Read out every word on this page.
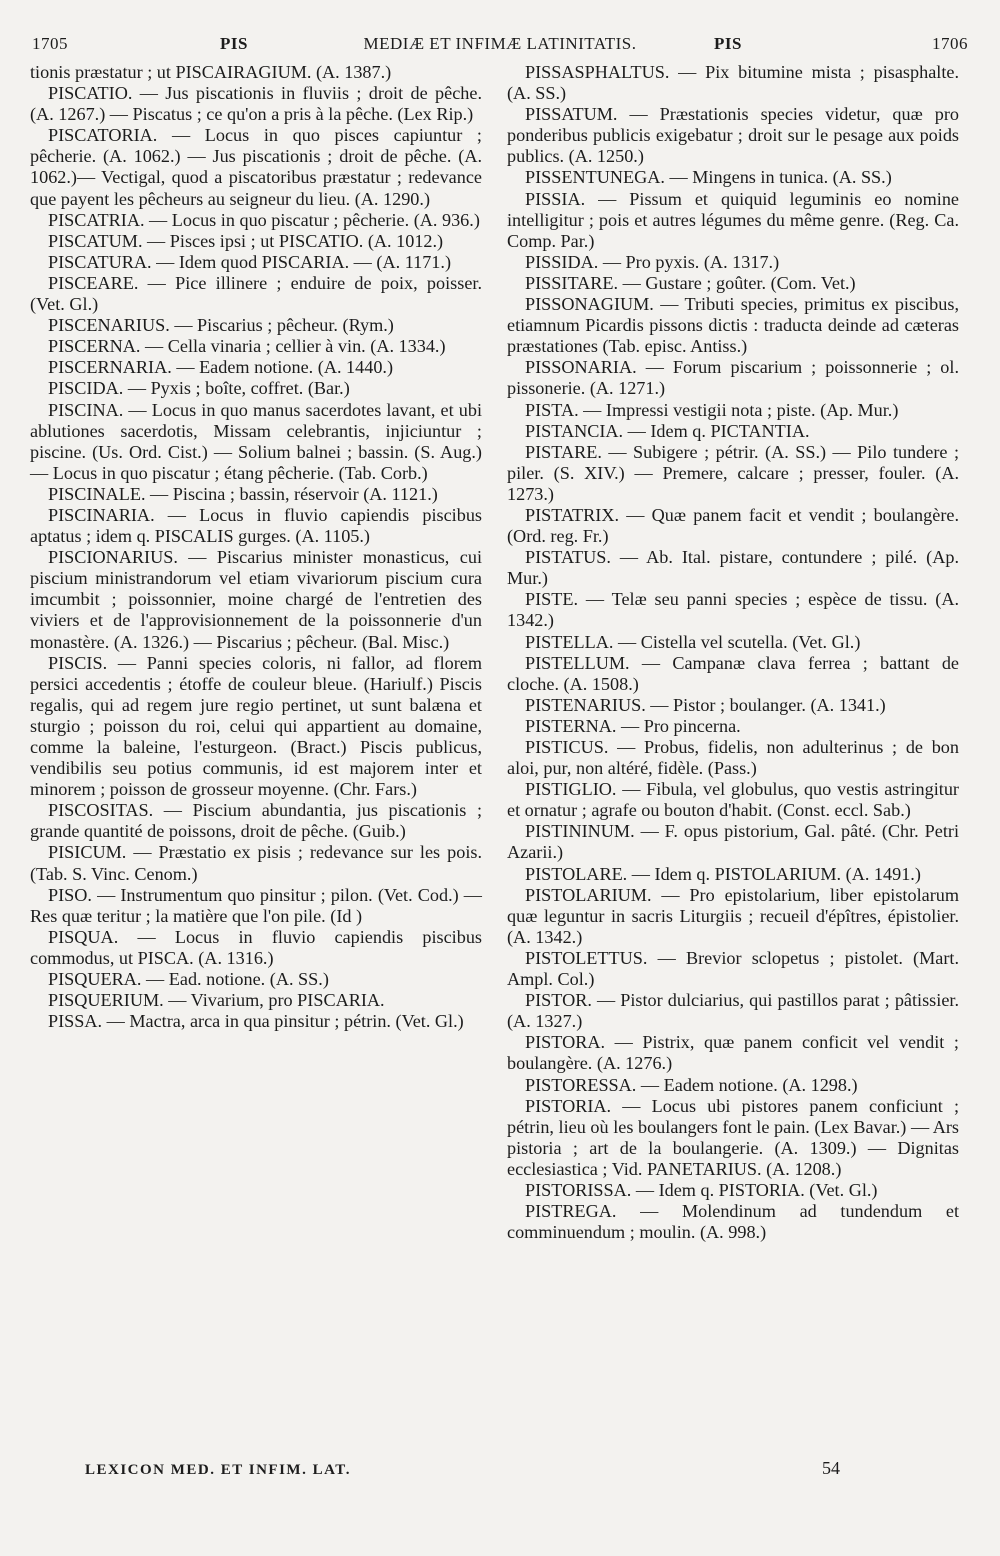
1705	PIS	MEDIÆ ET INFIMÆ LATINITATIS.	PIS	1706

tionis præstatur ; ut PISCAIRAGIUM. (A. 1387.)

PISCATIO. — Jus piscationis in fluviis ; droit de pêche. (A. 1267.) — Piscatus ; ce qu'on a pris à la pêche. (Lex Rip.)

PISCATORIA. — Locus in quo pisces capiuntur ; pêcherie. (A. 1062.) — Jus piscationis ; droit de pêche. (A. 1062.)— Vectigal, quod a piscatoribus præstatur ; redevance que payent les pêcheurs au seigneur du lieu. (A. 1290.)

PISCATRIA. — Locus in quo piscatur ; pêcherie. (A. 936.)

PISCATUM. — Pisces ipsi ; ut PISCATIO. (A. 1012.)

PISCATURA. — Idem quod PISCARIA. — (A. 1171.)

PISCEARE. — Pice illinere ; enduire de poix, poisser. (Vet. Gl.)

PISCENARIUS. — Piscarius ; pêcheur. (Rym.)

PISCERNA. — Cella vinaria ; cellier à vin. (A. 1334.)

PISCERNARIA. — Eadem notione. (A. 1440.)

PISCIDA. — Pyxis ; boîte, coffret. (Bar.)

PISCINA. — Locus in quo manus sacerdotes lavant, et ubi ablutiones sacerdotis, Missam celebrantis, injiciuntur ; piscine. (Us. Ord. Cist.) — Solium balnei ; bassin. (S. Aug.) — Locus in quo piscatur ; étang pêcherie. (Tab. Corb.)

PISCINALE. — Piscina ; bassin, réservoir (A. 1121.)

PISCINARIA. — Locus in fluvio capiendis piscibus aptatus ; idem q. PISCALIS gurges. (A. 1105.)

PISCIONARIUS. — Piscarius minister monasticus, cui piscium ministrandorum vel etiam vivariorum piscium cura imcumbit ; poissonnier, moine chargé de l'entretien des viviers et de l'approvisionnement de la poissonnerie d'un monastère. (A. 1326.) — Piscarius ; pêcheur. (Bal. Misc.)

PISCIS. — Panni species coloris, ni fallor, ad florem persici accedentis ; étoffe de couleur bleue. (Hariulf.) Piscis regalis, qui ad regem jure regio pertinet, ut sunt balæna et sturgio ; poisson du roi, celui qui appartient au domaine, comme la baleine, l'esturgeon. (Bract.) Piscis publicus, vendibilis seu potius communis, id est majorem inter et minorem ; poisson de grosseur moyenne. (Chr. Fars.)

PISCOSITAS. — Piscium abundantia, jus piscationis ; grande quantité de poissons, droit de pêche. (Guib.)

PISICUM. — Præstatio ex pisis ; redevance sur les pois. (Tab. S. Vinc. Cenom.)

PISO. — Instrumentum quo pinsitur ; pilon. (Vet. Cod.) — Res quæ teritur ; la matière que l'on pile. (Id )

PISQUA. — Locus in fluvio capiendis piscibus commodus, ut PISCA. (A. 1316.)

PISQUERA. — Ead. notione. (A. SS.)

PISQUERIUM. — Vivarium, pro PISCARIA.

PISSA. — Mactra, arca in qua pinsitur ; pétrin. (Vet. Gl.)

PISSASPHALTUS. — Pix bitumine mista ; pisasphalte. (A. SS.)

PISSATUM. — Præstationis species videtur, quæ pro ponderibus publicis exigebatur ; droit sur le pesage aux poids publics. (A. 1250.)

PISSENTUNEGA. — Mingens in tunica. (A. SS.)

PISSIA. — Pissum et quiquid leguminis eo nomine intelligitur ; pois et autres légumes du même genre. (Reg. Ca. Comp. Par.)

PISSIDA. — Pro pyxis. (A. 1317.)

PISSITARE. — Gustare ; goûter. (Com. Vet.)

PISSONAGIUM. — Tributi species, primitus ex piscibus, etiamnum Picardis pissons dictis : traducta deinde ad cæteras præstationes (Tab. episc. Antiss.)

PISSONARIA. — Forum piscarium ; poissonnerie ; ol. pissonerie. (A. 1271.)

PISTA. — Impressi vestigii nota ; piste. (Ap. Mur.)

PISTANCIA. — Idem q. PICTANTIA.

PISTARE. — Subigere ; pétrir. (A. SS.) — Pilo tundere ; piler. (S. XIV.) — Premere, calcare ; presser, fouler. (A. 1273.)

PISTATRIX. — Quæ panem facit et vendit ; boulangère. (Ord. reg. Fr.)

PISTATUS. — Ab. Ital. pistare, contundere ; pilé. (Ap. Mur.)

PISTE. — Telæ seu panni species ; espèce de tissu. (A. 1342.)

PISTELLA. — Cistella vel scutella. (Vet. Gl.)

PISTELLUM. — Campanæ clava ferrea ; battant de cloche. (A. 1508.)

PISTENARIUS. — Pistor ; boulanger. (A. 1341.)

PISTERNA. — Pro pincerna.

PISTICUS. — Probus, fidelis, non adulterinus ; de bon aloi, pur, non altéré, fidèle. (Pass.)

PISTIGLIO. — Fibula, vel globulus, quo vestis astringitur et ornatur ; agrafe ou bouton d'habit. (Const. eccl. Sab.)

PISTININUM. — F. opus pistorium, Gal. pâté. (Chr. Petri Azarii.)

PISTOLARE. — Idem q. PISTOLARIUM. (A. 1491.)

PISTOLARIUM. — Pro epistolarium, liber epistolarum quæ leguntur in sacris Liturgiis ; recueil d'épîtres, épistolier. (A. 1342.)

PISTOLETTUS. — Brevior sclopetus ; pistolet. (Mart. Ampl. Col.)

PISTOR. — Pistor dulciarius, qui pastillos parat ; pâtissier. (A. 1327.)

PISTORA. — Pistrix, quæ panem conficit vel vendit ; boulangère. (A. 1276.)

PISTORESSA. — Eadem notione. (A. 1298.)

PISTORIA. — Locus ubi pistores panem conficiunt ; pétrin, lieu où les boulangers font le pain. (Lex Bavar.) — Ars pistoria ; art de la boulangerie. (A. 1309.) — Dignitas ecclesiastica ; Vid. PANETARIUS. (A. 1208.)

PISTORISSA. — Idem q. PISTORIA. (Vet. Gl.)

PISTREGA. — Molendinum ad tundendum et comminuendum ; moulin. (A. 998.)

LEXICON MED. ET INFIM. LAT.	54
